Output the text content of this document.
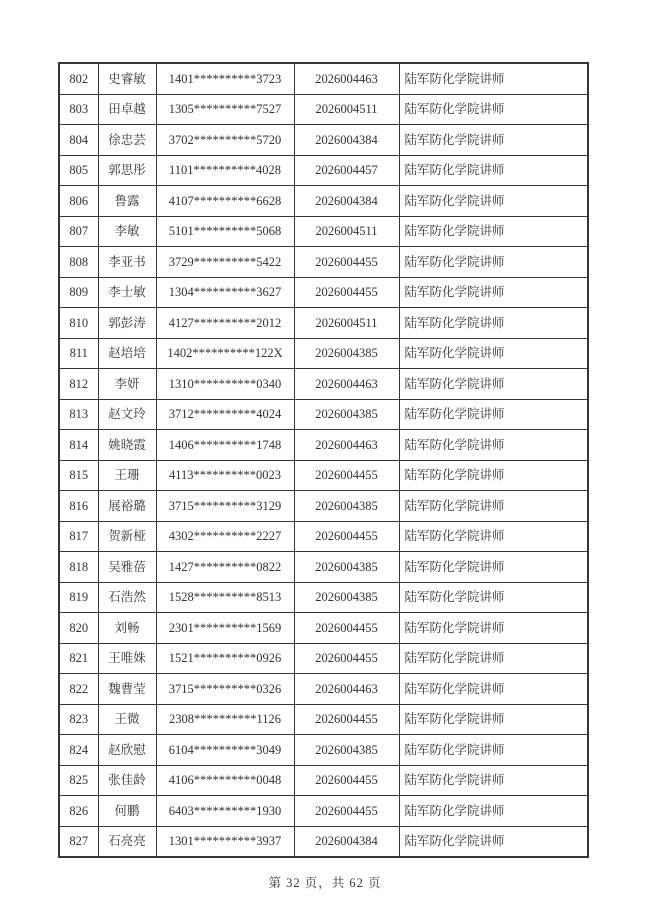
802	史睿敏	1401**********3723	2026004463	陆军防化学院讲师
803	田卓越	1305**********7527	2026004511	陆军防化学院讲师
804	徐忠芸	3702**********5720	2026004384	陆军防化学院讲师
805	郭思彤	1101**********4028	2026004457	陆军防化学院讲师
806	鲁露	4107**********6628	2026004384	陆军防化学院讲师
807	李敏	5101**********5068	2026004511	陆军防化学院讲师
808	李亚书	3729**********5422	2026004455	陆军防化学院讲师
809	李士敏	1304**********3627	2026004455	陆军防化学院讲师
810	郭彭涛	4127**********2012	2026004511	陆军防化学院讲师
811	赵培培	1402**********122X	2026004385	陆军防化学院讲师
812	李妍	1310**********0340	2026004463	陆军防化学院讲师
813	赵文玲	3712**********4024	2026004385	陆军防化学院讲师
814	姚晓霞	1406**********1748	2026004463	陆军防化学院讲师
815	王珊	4113**********0023	2026004455	陆军防化学院讲师
816	展裕璐	3715**********3129	2026004385	陆军防化学院讲师
817	贺新桠	4302**********2227	2026004455	陆军防化学院讲师
818	吴雅蓓	1427**********0822	2026004385	陆军防化学院讲师
819	石浩然	1528**********8513	2026004385	陆军防化学院讲师
820	刘畅	2301**********1569	2026004455	陆军防化学院讲师
821	王唯姝	1521**********0926	2026004455	陆军防化学院讲师
822	魏曹莹	3715**********0326	2026004463	陆军防化学院讲师
823	王微	2308**********1126	2026004455	陆军防化学院讲师
824	赵欣慰	6104**********3049	2026004385	陆军防化学院讲师
825	张佳龄	4106**********0048	2026004455	陆军防化学院讲师
826	何鹏	6403**********1930	2026004455	陆军防化学院讲师
827	石亮亮	1301**********3937	2026004384	陆军防化学院讲师
第 32 页，共 62 页
